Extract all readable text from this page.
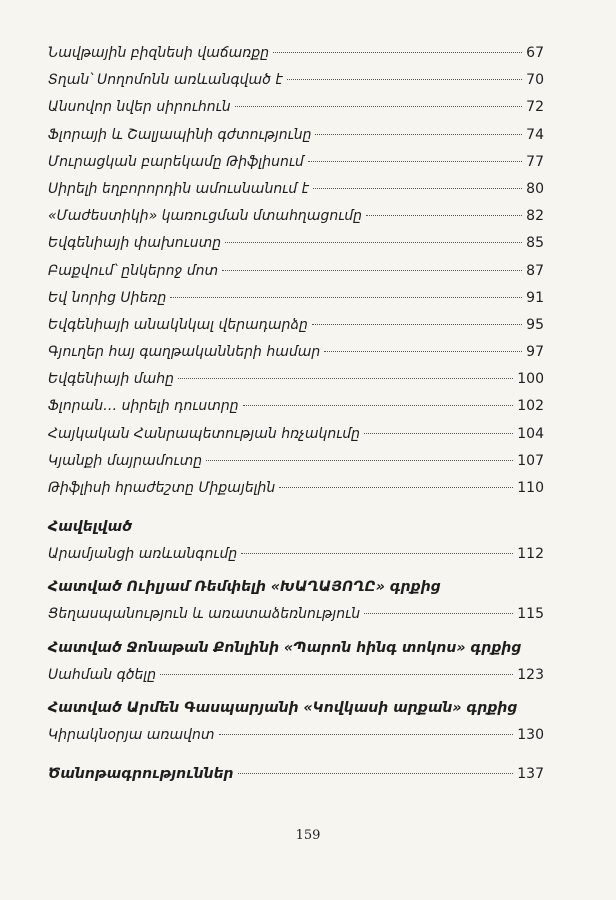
Նավթային բիզնեսի վաճառքը	67
Տղան՝ Սողոմոնն առևանգված է	70
Անսովոր նվեր սիրուհուն	72
Ֆլորայի և Շալյապինի գժտությունը	74
Մուրացկան բարեկամը Թիֆլիսում	77
Սիրելի եղբորորդին ամուսնանում է	80
«Մաժեստիկի» կառուցման մտահղացումը	82
Եվգենիայի փախուստը	85
Բաքվում՝ ընկերոջ մոտ	87
Եվ նորից Սիեռը	91
Եվգենիայի անակնկալ վերադարձը	95
Գյուղեր հայ գաղթականների համար	97
Եվգենիայի մահը	100
Ֆլորան… սիրելի դուստրը	102
Հայկական Հանրապետության հռչակումը	104
Կյանքի մայրամուտը	107
Թիֆլիսի հրաժեշտը Միքայելին	110
Հավելված
Արամյանցի առևանգումը	112
Հատված Ուիլյամ Ռեմփելի «ԽԱՂԱՅՈՂԸ» գրքից
Ցեղասպանություն և առատաձեռնություն	115
Հատված Ջոնաթան Քոնլինի «Պարոն հինգ տոկոս» գրքից
Սահման գծելը	123
Հատված Արմեն Գասպարյանի «Կովկասի արքան» գրքից
Կիրակնօրյա առավոտ	130
Ծանոթագրություններ	137
159
